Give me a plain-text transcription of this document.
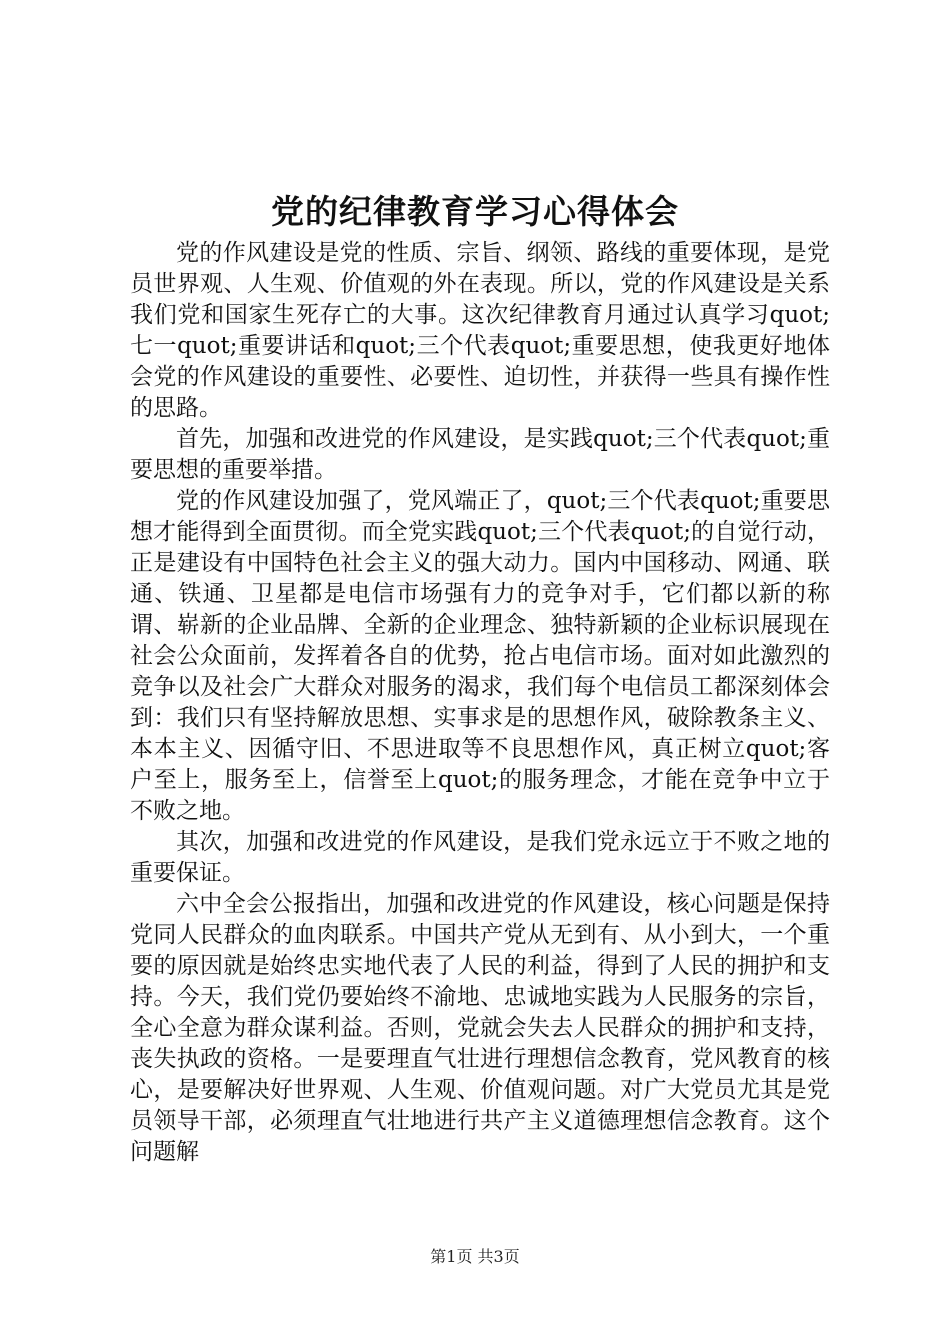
党的纪律教育学习心得体会

党的作风建设是党的性质、宗旨、纲领、路线的重要体现，是党员世界观、人生观、价值观的外在表现。所以，党的作风建设是关系我们党和国家生死存亡的大事。这次纪律教育月通过认真学习quot;七一quot;重要讲话和quot;三个代表quot;重要思想，使我更好地体会党的作风建设的重要性、必要性、迫切性，并获得一些具有操作性的思路。

首先，加强和改进党的作风建设，是实践quot;三个代表quot;重要思想的重要举措。

党的作风建设加强了，党风端正了，quot;三个代表quot;重要思想才能得到全面贯彻。而全党实践quot;三个代表quot;的自觉行动，正是建设有中国特色社会主义的强大动力。国内中国移动、网通、联通、铁通、卫星都是电信市场强有力的竞争对手，它们都以新的称谓、崭新的企业品牌、全新的企业理念、独特新颖的企业标识展现在社会公众面前，发挥着各自的优势，抢占电信市场。面对如此激烈的竞争以及社会广大群众对服务的渴求，我们每个电信员工都深刻体会到：我们只有坚持解放思想、实事求是的思想作风，破除教条主义、本本主义、因循守旧、不思进取等不良思想作风，真正树立quot;客户至上，服务至上，信誉至上quot;的服务理念，才能在竞争中立于不败之地。

其次，加强和改进党的作风建设，是我们党永远立于不败之地的重要保证。

六中全会公报指出，加强和改进党的作风建设，核心问题是保持党同人民群众的血肉联系。中国共产党从无到有、从小到大，一个重要的原因就是始终忠实地代表了人民的利益，得到了人民的拥护和支持。今天，我们党仍要始终不渝地、忠诚地实践为人民服务的宗旨，全心全意为群众谋利益。否则，党就会失去人民群众的拥护和支持，丧失执政的资格。一是要理直气壮进行理想信念教育，党风教育的核心，是要解决好世界观、人生观、价值观问题。对广大党员尤其是党员领导干部，必须理直气壮地进行共产主义道德理想信念教育。这个问题解

第1页 共3页
